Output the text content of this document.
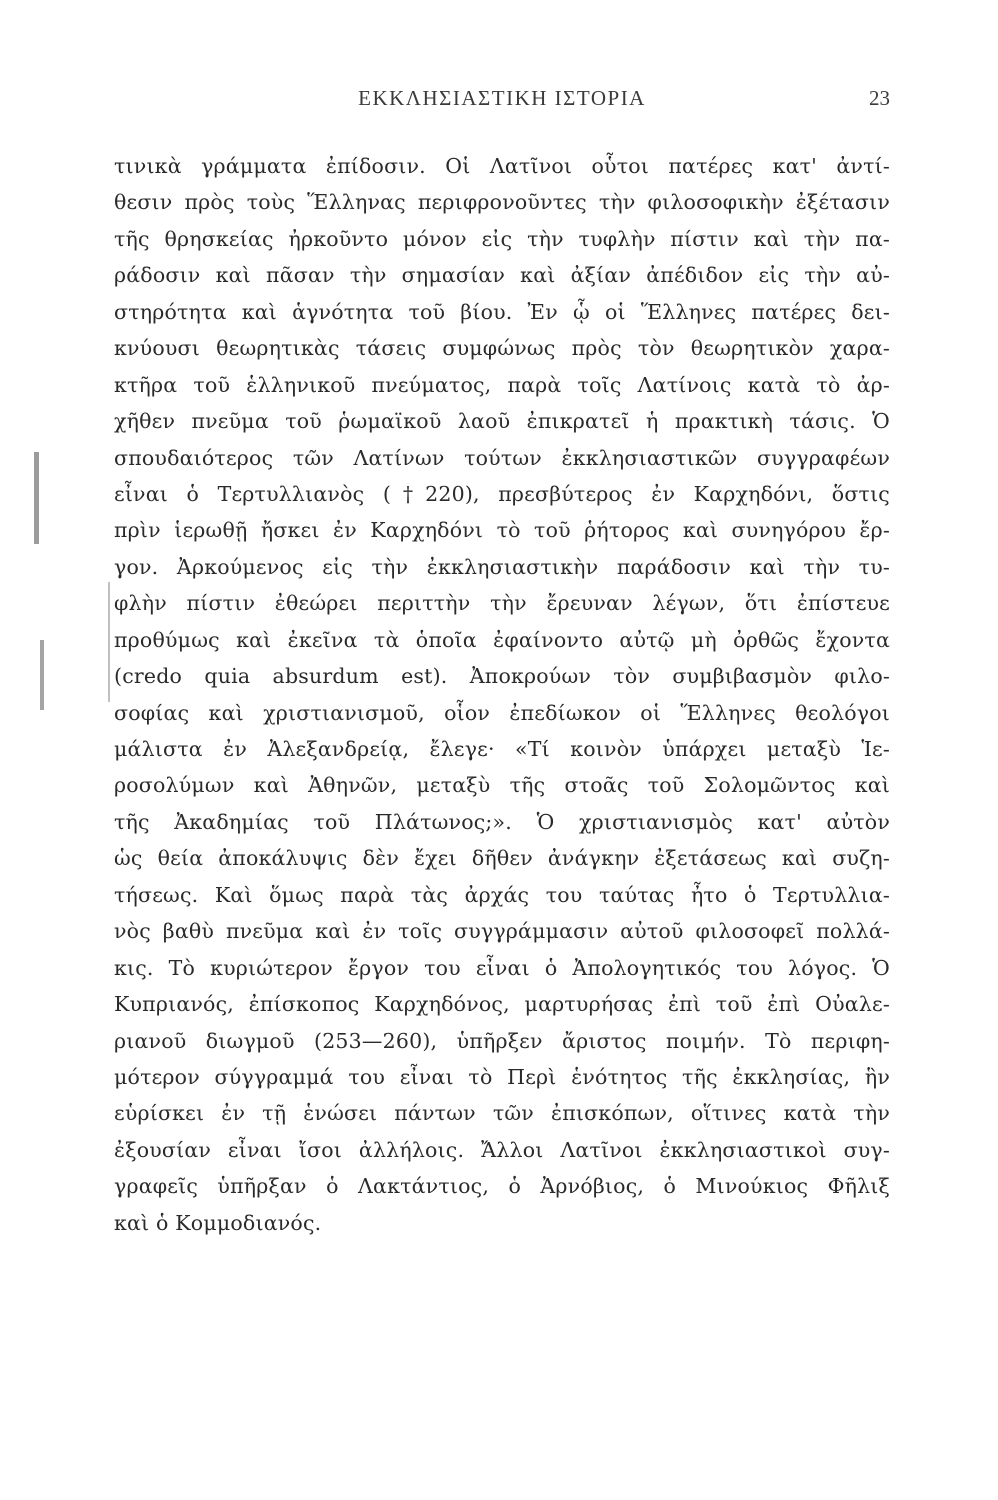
ΕΚΚΛΗΣΙΑΣΤΙΚΗ ΙΣΤΟΡΙΑ	23
τινικὰ γράμματα ἐπίδοσιν. Οἱ Λατῖνοι οὗτοι πατέρες κατ' ἀντί-
θεσιν πρὸς τοὺς Ἕλληνας περιφρονοῦντες τὴν φιλοσοφικὴν ἐξέτασιν
τῆς θρησκείας ἠρκοῦντο μόνον εἰς τὴν τυφλὴν πίστιν καὶ τὴν πα-
ράδοσιν καὶ πᾶσαν τὴν σημασίαν καὶ ἀξίαν ἀπέδιδον εἰς τὴν αὐ-
στηρότητα καὶ ἁγνότητα τοῦ βίου. Ἐν ᾧ οἱ Ἕλληνες πατέρες δει-
κνύουσι θεωρητικὰς τάσεις συμφώνως πρὸς τὸν θεωρητικὸν χαρα-
κτῆρα τοῦ ἑλληνικοῦ πνεύματος, παρὰ τοῖς Λατίνοις κατὰ τὸ ἀρ-
χῆθεν πνεῦμα τοῦ ῥωμαϊκοῦ λαοῦ ἐπικρατεῖ ἡ πρακτικὴ τάσις. Ὁ
σπουδαιότερος τῶν Λατίνων τούτων ἐκκλησιαστικῶν συγγραφέων
εἶναι ὁ Τερτυλλιανὸς (†220), πρεσβύτερος ἐν Καρχηδόνι, ὅστις
πρὶν ἱερωθῇ ἤσκει ἐν Καρχηδόνι τὸ τοῦ ῥήτορος καὶ συνηγόρου ἔρ-
γον. Ἀρκούμενος εἰς τὴν ἐκκλησιαστικὴν παράδοσιν καὶ τὴν τυ-
φλὴν πίστιν ἐθεώρει περιττὴν τὴν ἔρευναν λέγων, ὅτι ἐπίστευε
προθύμως καὶ ἐκεῖνα τὰ ὁποῖα ἐφαίνοντο αὐτῷ μὴ ὀρθῶς ἔχοντα
(credo quia absurdum est). Ἀποκρούων τὸν συμβιβασμὸν φιλο-
σοφίας καὶ χριστιανισμοῦ, οἷον ἐπεδίωκον οἱ Ἕλληνες θεολόγοι
μάλιστα ἐν Ἀλεξανδρείᾳ, ἔλεγε· «Τί κοινὸν ὑπάρχει μεταξὺ Ἱε-
ροσολύμων καὶ Ἀθηνῶν, μεταξὺ τῆς στοᾶς τοῦ Σολομῶντος καὶ
τῆς Ἀκαδημίας τοῦ Πλάτωνος;». Ὁ χριστιανισμὸς κατ' αὐτὸν
ὡς θεία ἀποκάλυψις δὲν ἔχει δῆθεν ἀνάγκην ἐξετάσεως καὶ συζη-
τήσεως. Καὶ ὅμως παρὰ τὰς ἀρχάς του ταύτας ἦτο ὁ Τερτυλλια-
νὸς βαθὺ πνεῦμα καὶ ἐν τοῖς συγγράμμασιν αὐτοῦ φιλοσοφεῖ πολλά-
κις. Τὸ κυριώτερον ἔργον του εἶναι ὁ Ἀπολογητικός του λόγος. Ὁ
Κυπριανός, ἐπίσκοπος Καρχηδόνος, μαρτυρήσας ἐπὶ τοῦ ἐπὶ Οὐαλε-
ριανοῦ διωγμοῦ (253—260), ὑπῆρξεν ἄριστος ποιμήν. Τὸ περιφη-
μότερον σύγγραμμά του εἶναι τὸ Περὶ ἑνότητος τῆς ἐκκλησίας, ἣν
εὑρίσκει ἐν τῇ ἑνώσει πάντων τῶν ἐπισκόπων, οἵτινες κατὰ τὴν
ἐξουσίαν εἶναι ἴσοι ἀλλήλοις. Ἄλλοι Λατῖνοι ἐκκλησιαστικοὶ συγ-
γραφεῖς ὑπῆρξαν ὁ Λακτάντιος, ὁ Ἀρνόβιος, ὁ Μινούκιος Φῆλιξ
καὶ ὁ Κομμοδιανός.
